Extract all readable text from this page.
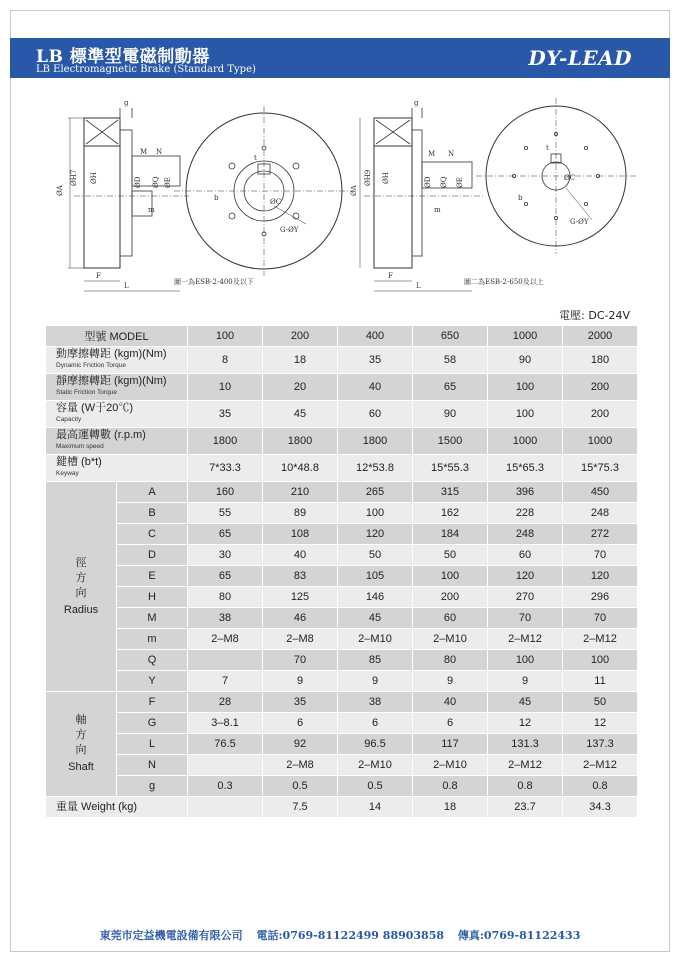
LB 標準型電磁制動器
LB Electromagnetic Brake (Standard Type)	DY-LEAD
g
M N
ØA
ØH7 ØH	ØD ØQ ØE
m
F
L
t
b	ØC
G-ØY
圖一為ESB-2-400及以下
g
M N
ØA
ØH9 ØH	ØD ØQ ØE
m
F
L
t
b
ØC
G-ØY
圖二為ESB-2-650及以上
電壓: DC-24V
型號 MODEL		100	200	400	650	1000	2000
動摩擦轉距 (kgm)(Nm)
Dynamic Friction Torque		8	18	35	58	90	180
靜摩擦轉距 (kgm)(Nm)
Static Friction Torque		10	20	40	65	100	200
容量 (W于20℃)
Capacity		35	45	60	90	100	200
最高運轉數 (r.p.m)
Maximum speed		1800	1800	1800	1500	1000	1000
鍵槽 (b*t)
Keyway		7*33.3	10*48.8	12*53.8	15*55.3	15*65.3	15*75.3

徑
方
向
Radius	A	160	210	265	315	396	450
	B	55	89	100	162	228	248
	C	65	108	120	184	248	272
	D	30	40	50	50	60	70
	E	65	83	105	100	120	120
	H	80	125	146	200	270	296
	M	38	46	45	60	70	70
	m	2–M8	2–M8	2–M10	2–M10	2–M12	2–M12
	Q		70	85	80	100	100
	Y	7	9	9	9	9	11

軸
方
向
Shaft	F	28	35	38	40	45	50
	G	3–8.1	6	6	6	12	12
	L	76.5	92	96.5	117	131.3	137.3
	N		2–M8	2–M10	2–M10	2–M12	2–M12
	g	0.3	0.5	0.5	0.8	0.8	0.8
重量 Weight (kg)			7.5	14	18	23.7	34.3
東莞市定益機電設備有限公司 電話:0769-81122499 88903858 傳真:0769-81122433
